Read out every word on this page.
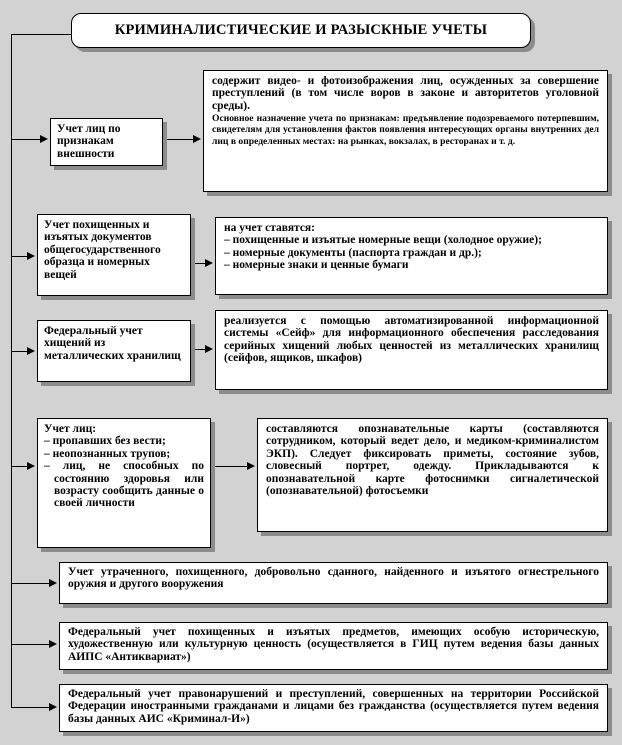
КРИМИНАЛИСТИЧЕСКИЕ И РАЗЫСКНЫЕ УЧЕТЫ
Учет лиц по признакам внешности
содержит видео- и фотоизображения лиц, осужденных за совершение преступлений (в том числе воров в законе и авторитетов уголовной среды).
Основное назначение учета по признакам: предъявление подозреваемого потерпевшим, свидетелям для установления фактов появления интересующих органы внутренних дел лиц в определенных местах: на рынках, вокзалах, в ресторанах и т. д.
Учет похищенных и изъятых документов общегосударственного образца и номерных вещей
на учет ставятся:
– похищенные и изъятые номерные вещи (холодное оружие);
– номерные документы (паспорта граждан и др.);
– номерные знаки и ценные бумаги
Федеральный учет хищений из металлических хранилищ
реализуется с помощью автоматизированной информационной системы «Сейф» для информационного обеспечения расследования серийных хищений любых ценностей из металлических хранилищ (сейфов, ящиков, шкафов)
Учет лиц:
– пропавших без вести;
– неопознанных трупов;
– лиц, не способных по состоянию здоровья или возрасту сообщить данные о своей личности
составляются опознавательные карты (составляются сотрудником, который ведет дело, и медиком-криминалистом ЭКП). Следует фиксировать приметы, состояние зубов, словесный портрет, одежду. Прикладываются к опознавательной карте фотоснимки сигналетической (опознавательной) фотосъемки
Учет утраченного, похищенного, добровольно сданного, найденного и изъятого огнестрельного оружия и другого вооружения
Федеральный учет похищенных и изъятых предметов, имеющих особую историческую, художественную или культурную ценность (осуществляется в ГИЦ путем ведения базы данных АИПС «Антиквариат»)
Федеральный учет правонарушений и преступлений, совершенных на территории Российской Федерации иностранными гражданами и лицами без гражданства (осуществляется путем ведения базы данных АИС «Криминал-И»)
